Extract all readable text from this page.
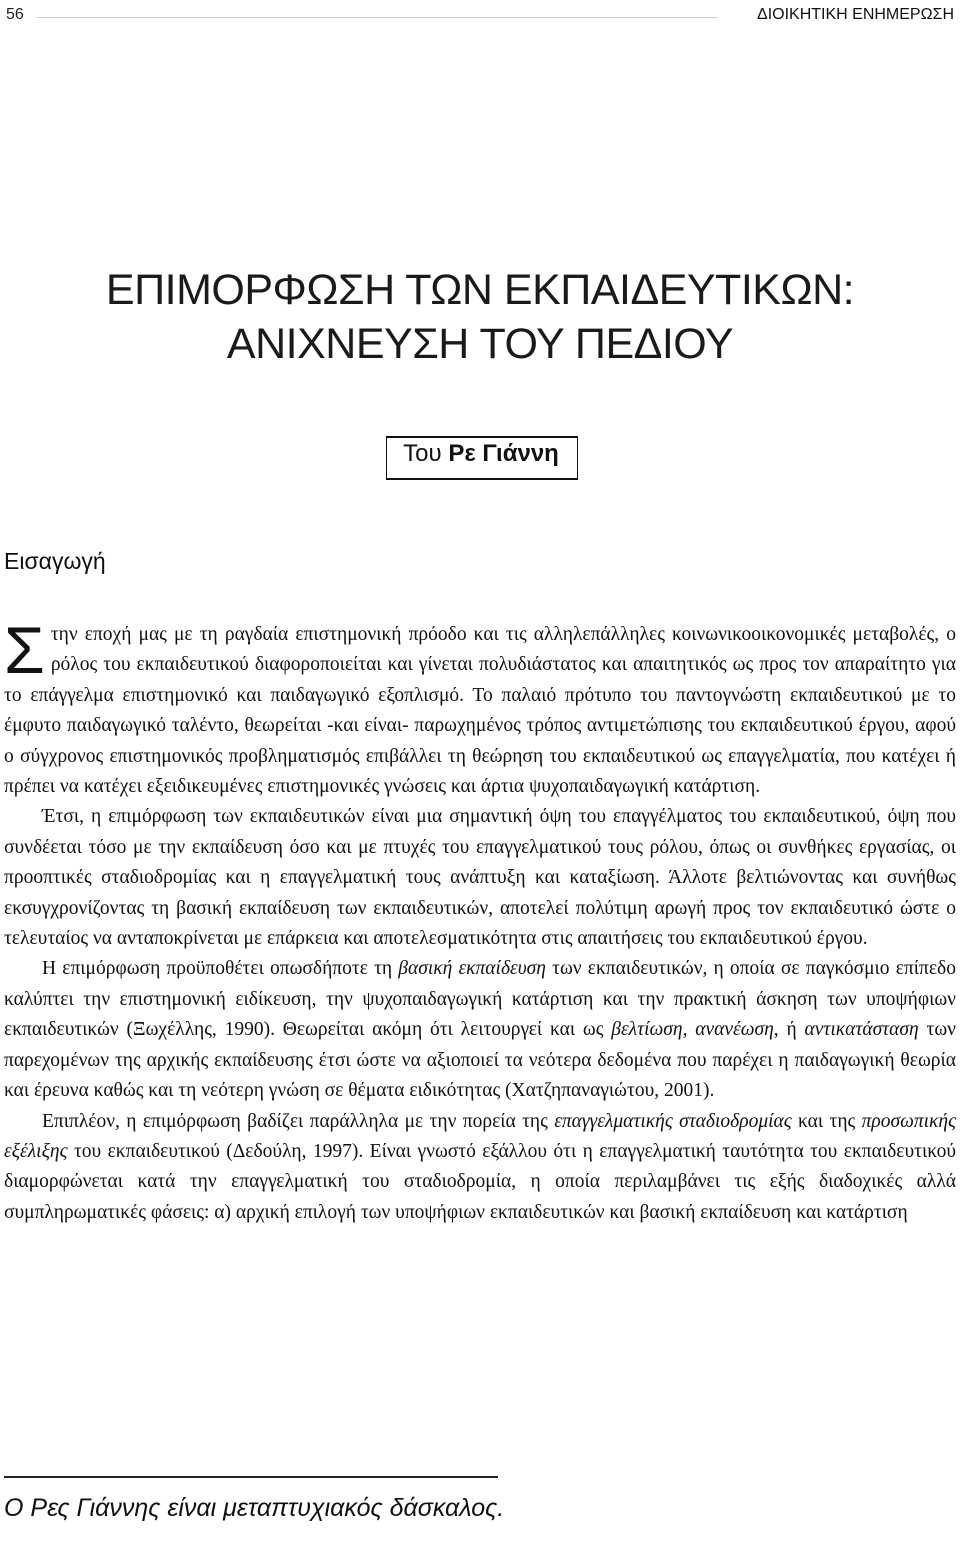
56	ΔΙΟΙΚΗΤΙΚΗ ΕΝΗΜΕΡΩΣΗ
ΕΠΙΜΟΡΦΩΣΗ ΤΩΝ ΕΚΠΑΙΔΕΥΤΙΚΩΝ:
ΑΝΙΧΝΕΥΣΗ ΤΟΥ ΠΕΔΙΟΥ
Του Ρε Γιάννη
Εισαγωγή

Στην εποχή μας με τη ραγδαία επιστημονική πρόοδο και τις αλληλεπάλληλες κοινωνικοοικονομικές μεταβολές, ο ρόλος του εκπαιδευτικού διαφοροποιείται και γίνεται πολυδιάστατος και απαιτητικός ως προς τον απαραίτητο για το επάγγελμα επιστημονικό και παιδαγωγικό εξοπλισμό. Το παλαιό πρότυπο του παντογνώστη εκπαιδευτικού με το έμφυτο παιδαγωγικό ταλέντο, θεωρείται -και είναι- παρωχημένος τρόπος αντιμετώπισης του εκπαιδευτικού έργου, αφού ο σύγχρονος επιστημονικός προβληματισμός επιβάλλει τη θεώρηση του εκπαιδευτικού ως επαγγελματία, που κατέχει ή πρέπει να κατέχει εξειδικευμένες επιστημονικές γνώσεις και άρτια ψυχοπαιδαγωγική κατάρτιση.

Έτσι, η επιμόρφωση των εκπαιδευτικών είναι μια σημαντική όψη του επαγγέλματος του εκπαιδευτικού, όψη που συνδέεται τόσο με την εκπαίδευση όσο και με πτυχές του επαγγελματικού τους ρόλου, όπως οι συνθήκες εργασίας, οι προοπτικές σταδιοδρομίας και η επαγγελματική τους ανάπτυξη και καταξίωση. Άλλοτε βελτιώνοντας και συνήθως εκσυγχρονίζοντας τη βασική εκπαίδευση των εκπαιδευτικών, αποτελεί πολύτιμη αρωγή προς τον εκπαιδευτικό ώστε ο τελευταίος να ανταποκρίνεται με επάρκεια και αποτελεσματικότητα στις απαιτήσεις του εκπαιδευτικού έργου.

Η επιμόρφωση προϋποθέτει οπωσδήποτε τη βασική εκπαίδευση των εκπαιδευτικών, η οποία σε παγκόσμιο επίπεδο καλύπτει την επιστημονική ειδίκευση, την ψυχοπαιδαγωγική κατάρτιση και την πρακτική άσκηση των υποψήφιων εκπαιδευτικών (Ξωχέλλης, 1990). Θεωρείται ακόμη ότι λειτουργεί και ως βελτίωση, ανανέωση, ή αντικατάσταση των παρεχομένων της αρχικής εκπαίδευσης έτσι ώστε να αξιοποιεί τα νεότερα δεδομένα που παρέχει η παιδαγωγική θεωρία και έρευνα καθώς και τη νεότερη γνώση σε θέματα ειδικότητας (Χατζηπαναγιώτου, 2001).

Επιπλέον, η επιμόρφωση βαδίζει παράλληλα με την πορεία της επαγγελματικής σταδιοδρομίας και της προσωπικής εξέλιξης του εκπαιδευτικού (Δεδούλη, 1997). Είναι γνωστό εξάλλου ότι η επαγγελματική ταυτότητα του εκπαιδευτικού διαμορφώνεται κατά την επαγγελματική του σταδιοδρομία, η οποία περιλαμβάνει τις εξής διαδοχικές αλλά συμπληρωματικές φάσεις: α) αρχική επιλογή των υποψήφιων εκπαιδευτικών και βασική εκπαίδευση και κατάρτιση

Ο Ρες Γιάννης είναι μεταπτυχιακός δάσκαλος.
